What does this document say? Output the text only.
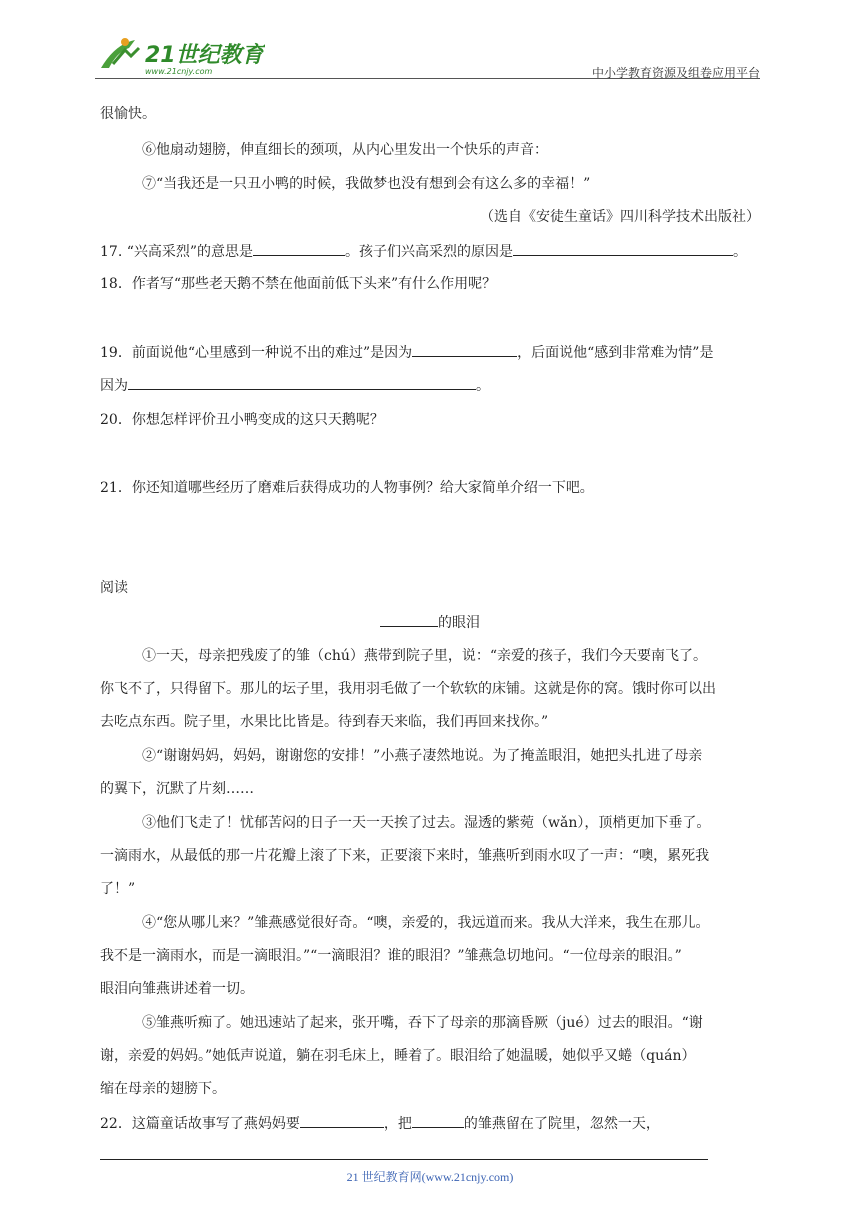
21世纪教育
www.21cnjy.com	中小学教育资源及组卷应用平台
很愉快。
⑥他扇动翅膀，伸直细长的颈项，从内心里发出一个快乐的声音：
⑦“当我还是一只丑小鸭的时候，我做梦也没有想到会有这么多的幸福！”
（选自《安徒生童话》四川科学技术出版社）
17. “兴高采烈”的意思是	。孩子们兴高采烈的原因是	。
18．作者写“那些老天鹅不禁在他面前低下头来”有什么作用呢？
19．前面说他“心里感到一种说不出的难过”是因为	，后面说他“感到非常难为情”是
因为	。
20．你想怎样评价丑小鸭变成的这只天鹅呢？
21．你还知道哪些经历了磨难后获得成功的人物事例？给大家简单介绍一下吧。
阅读
的眼泪
①一天，母亲把残废了的雏（chú）燕带到院子里，说：“亲爱的孩子，我们今天要南飞了。
你飞不了，只得留下。那儿的坛子里，我用羽毛做了一个软软的床铺。这就是你的窝。饿时你可以出
去吃点东西。院子里，水果比比皆是。待到春天来临，我们再回来找你。”
②“谢谢妈妈，妈妈，谢谢您的安排！”小燕子凄然地说。为了掩盖眼泪，她把头扎进了母亲
的翼下，沉默了片刻……
③他们飞走了！忧郁苦闷的日子一天一天挨了过去。湿透的紫菀（wǎn），顶梢更加下垂了。
一滴雨水，从最低的那一片花瓣上滚了下来，正要滚下来时，雏燕听到雨水叹了一声：“噢，累死我
了！”
④“您从哪儿来？”雏燕感觉很好奇。“噢，亲爱的，我远道而来。我从大洋来，我生在那儿。
我不是一滴雨水，而是一滴眼泪。”“一滴眼泪？谁的眼泪？”雏燕急切地问。“一位母亲的眼泪。”
眼泪向雏燕讲述着一切。
⑤雏燕听痴了。她迅速站了起来，张开嘴，吞下了母亲的那滴昏厥（jué）过去的眼泪。“谢
谢，亲爱的妈妈。”她低声说道，躺在羽毛床上，睡着了。眼泪给了她温暖，她似乎又蜷（quán）
缩在母亲的翅膀下。
22．这篇童话故事写了燕妈妈要	，把	的雏燕留在了院里，忽然一天，
21 世纪教育网(www.21cnjy.com)
